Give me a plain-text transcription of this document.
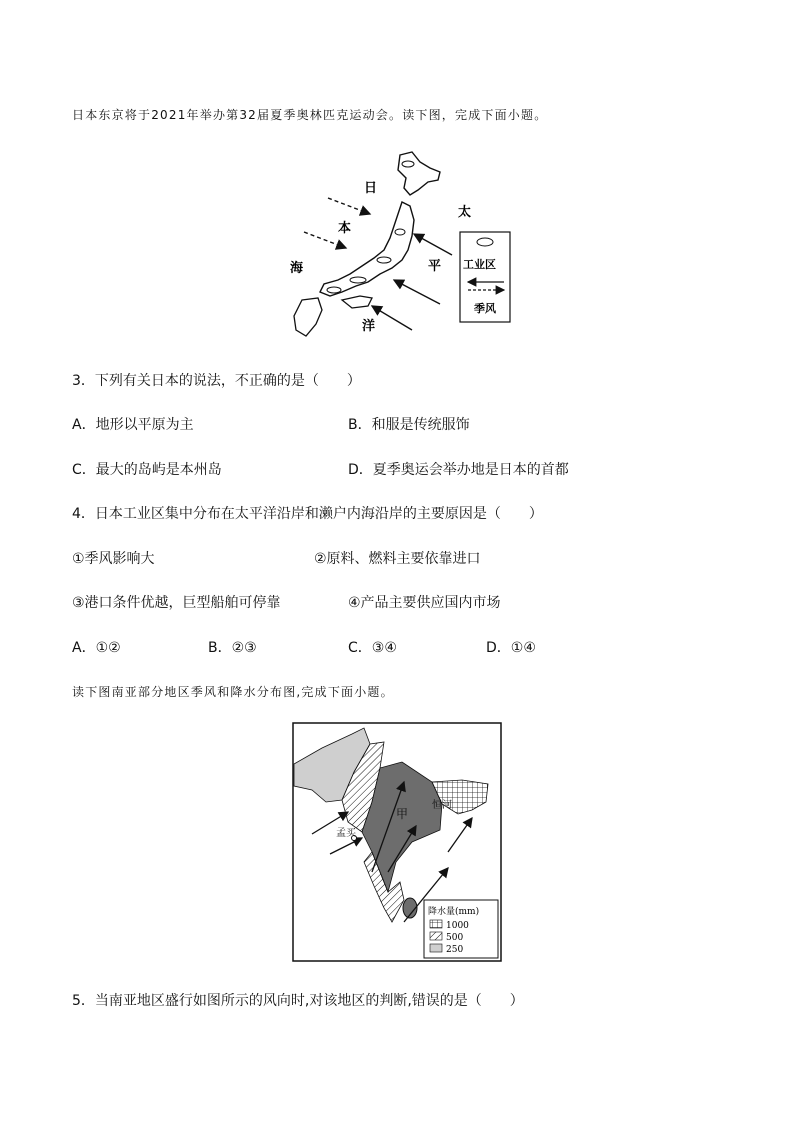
日本东京将于2021年举办第32届夏季奥林匹克运动会。读下图，完成下面小题。
日
本
海
太
平
洋
工业区
季风
3．下列有关日本的说法，不正确的是（　　）
A．地形以平原为主	B．和服是传统服饰
C．最大的岛屿是本州岛	D．夏季奥运会举办地是日本的首都
4．日本工业区集中分布在太平洋沿岸和濑户内海沿岸的主要原因是（　　）
①季风影响大	②原料、燃料主要依靠进口
③港口条件优越，巨型船舶可停靠	④产品主要供应国内市场
A．①②	B．②③	C．③④	D．①④
读下图南亚部分地区季风和降水分布图,完成下面小题。
甲
孟买
恒河
降水量(mm)
1000
500
250
5．当南亚地区盛行如图所示的风向时,对该地区的判断,错误的是（　　）
